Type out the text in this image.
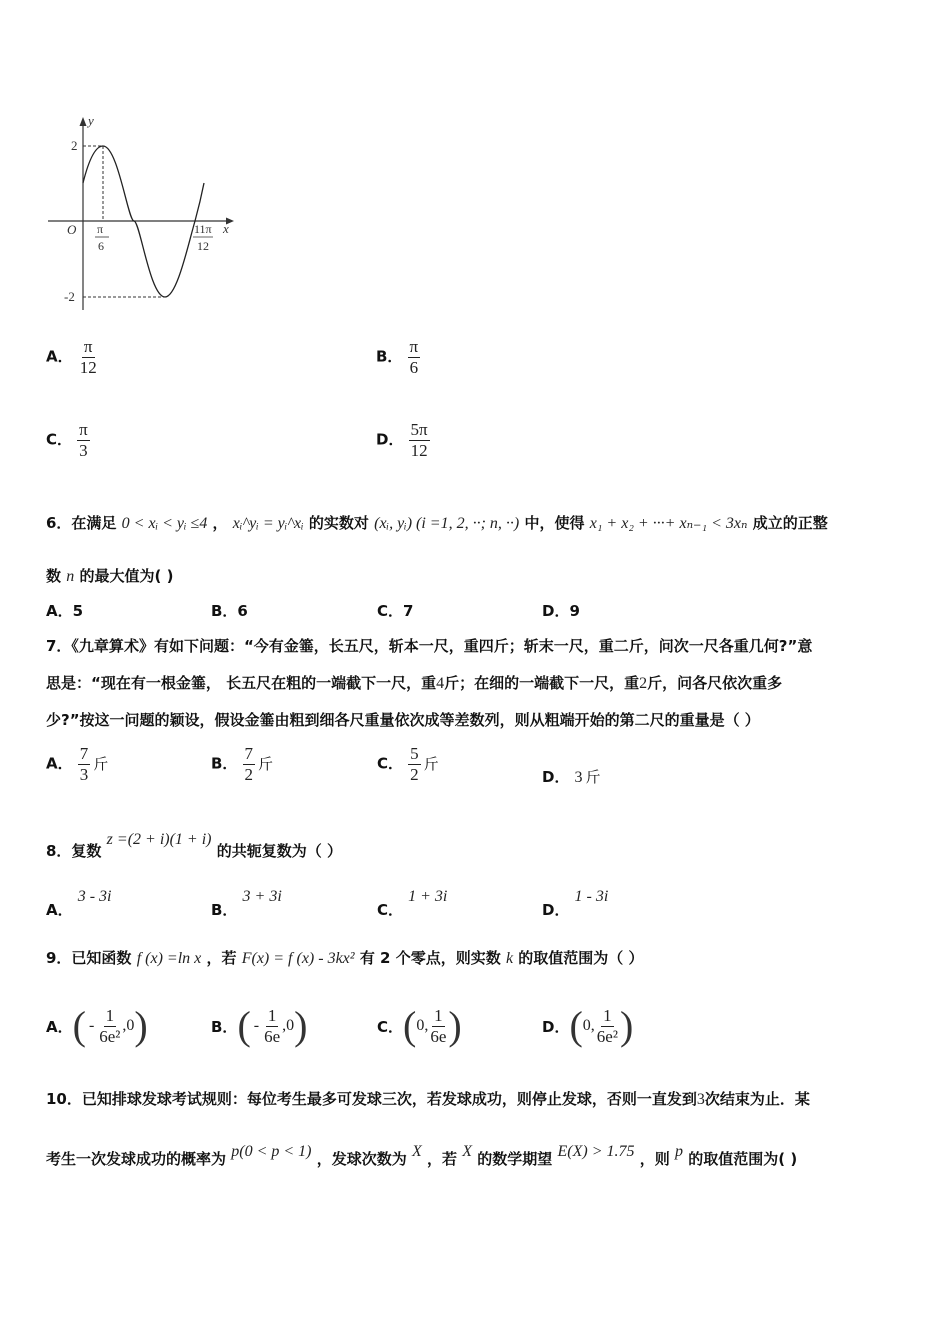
y
x
O
2
-2
π
6
11π
12
A． $\frac{\pi}{12}$	B． $\frac{\pi}{6}$
C． $\frac{\pi}{3}$	D． $\frac{5\pi}{12}$
6．在满足 0 < xᵢ < yᵢ ≤4 ， xᵢ^yᵢ = yᵢ^xᵢ 的实数对 (xᵢ, yᵢ) (i =1, 2, ··; n, ··) 中，使得 x₁ + x₂ + ···+ xₙ₋₁ < 3xₙ 成立的正整
数 n 的最大值为( )
A．5	B．6	C．7	D．9
7．《九章算术》有如下问题：“今有金箠，长五尺，斩本一尺，重四斤；斩末一尺，重二斤，问次一尺各重几何?”意
思是：“现在有一根金箠， 长五尺在粗的一端截下一尺，重4斤；在细的一端截下一尺，重2斤，问各尺依次重多
少?”按这一问题的颖设，假设金箠由粗到细各尺重量依次成等差数列，则从粗端开始的第二尺的重量是（ ）
A． $\frac{7}{3}$ 斤	B． $\frac{7}{2}$ 斤	C． $\frac{5}{2}$ 斤
D． 3 斤
8．复数 z =(2 + i)(1 + i) 的共轭复数为（ ）
A． 3 - 3i
B． 3 + 3i
C． 1 + 3i
D． 1 - 3i
9．已知函数 f (x) =ln x ，若 F(x) = f (x) - 3kx² 有 2 个零点，则实数 k 的取值范围为（ ）
A． ( - $\frac{1}{\text{6e²}} ,0$ )	B． ( - $\frac{1}{6e} ,0$ )	C． ( 0, $\frac{1}{6e}$ )	D． ( 0, $\frac{1}{\text{6e²}}$ )
10．已知排球发球考试规则：每位考生最多可发球三次，若发球成功，则停止发球，否则一直发到3次结束为止．某
考生一次发球成功的概率为 p(0 < p < 1) ，发球次数为 X ，若 X 的数学期望 E(X) > 1.75 ，则 p 的取值范围为( )
